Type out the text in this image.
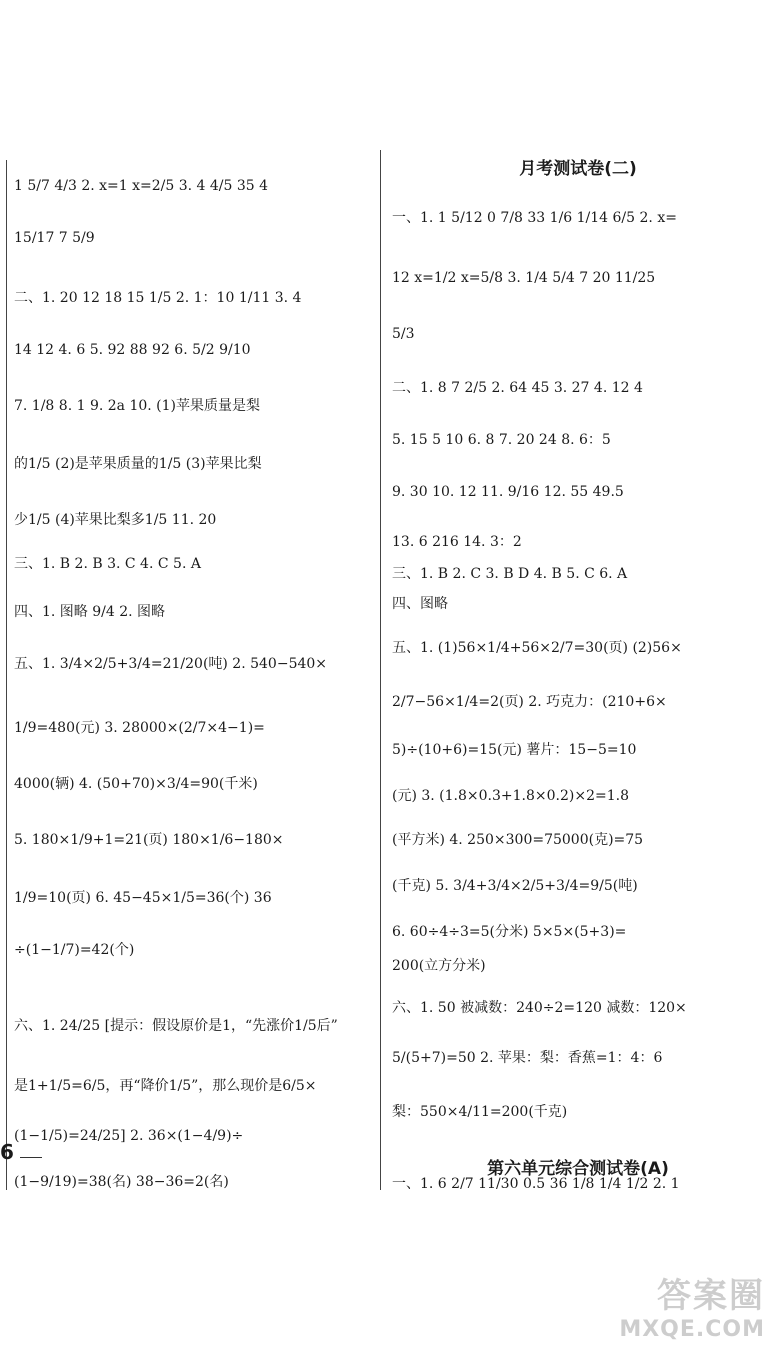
1 5/7 4/3 2. x=1 x=2/5 3. 4 4/5 35 4
15/17 7 5/9
二、1. 20 12 18 15 1/5 2. 1：10 1/11 3. 4
14 12 4. 6 5. 92 88 92 6. 5/2 9/10
7. 1/8 8. 1 9. 2a 10. (1)苹果质量是梨
的1/5 (2)是苹果质量的1/5 (3)苹果比梨
少1/5 (4)苹果比梨多1/5 11. 20
三、1. B 2. B 3. C 4. C 5. A
四、1. 图略 9/4 2. 图略
五、1. 3/4×2/5+3/4=21/20(吨) 2. 540−540×
1/9=480(元) 3. 28000×(2/7×4−1)=
4000(辆) 4. (50+70)×3/4=90(千米)
5. 180×1/9+1=21(页) 180×1/6−180×
1/9=10(页) 6. 45−45×1/5=36(个) 36
÷(1−1/7)=42(个)
六、1. 24/25 [提示：假设原价是1，“先涨价1/5后”
是1+1/5=6/5，再“降价1/5”，那么现价是6/5×
(1−1/5)=24/25] 2. 36×(1−4/9)÷
(1−9/19)=38(名) 38−36=2(名)
月考测试卷(二)
一、1. 1 5/12 0 7/8 33 1/6 1/14 6/5 2. x=
12 x=1/2 x=5/8 3. 1/4 5/4 7 20 11/25
5/3
二、1. 8 7 2/5 2. 64 45 3. 27 4. 12 4
5. 15 5 10 6. 8 7. 20 24 8. 6：5
9. 30 10. 12 11. 9/16 12. 55 49.5
13. 6 216 14. 3：2
三、1. B 2. C 3. B D 4. B 5. C 6. A
四、图略
五、1. (1)56×1/4+56×2/7=30(页) (2)56×
2/7−56×1/4=2(页) 2. 巧克力：(210+6×
5)÷(10+6)=15(元) 薯片：15−5=10
(元) 3. (1.8×0.3+1.8×0.2)×2=1.8
(平方米) 4. 250×300=75000(克)=75
(千克) 5. 3/4+3/4×2/5+3/4=9/5(吨)
6. 60÷4÷3=5(分米) 5×5×(5+3)=
200(立方分米)
六、1. 50 被减数：240÷2=120 减数：120×
5/(5+7)=50 2. 苹果：梨：香蕉=1：4：6
梨：550×4/11=200(千克)
第六单元综合测试卷(A)
一、1. 6 2/7 11/30 0.5 36 1/8 1/4 1/2 2. 1
6
答案圈
MXQE.COM
